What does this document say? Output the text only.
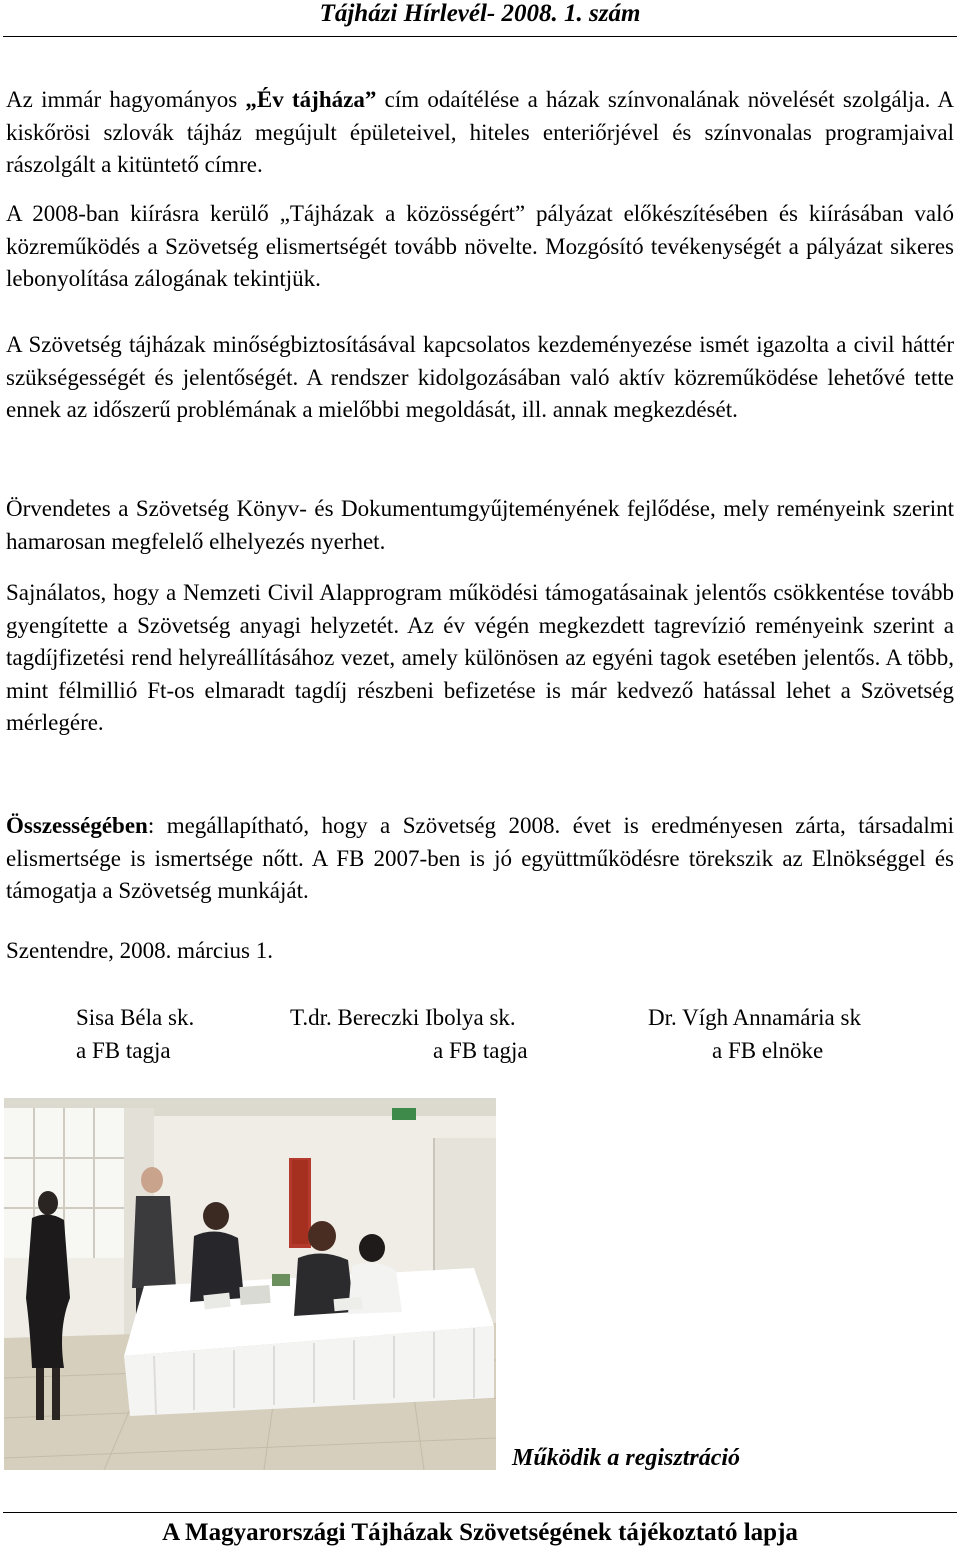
Tájházi Hírlevél- 2008. 1. szám
Az immár hagyományos „Év tájháza” cím odaítélése a házak színvonalának növelését szolgálja. A kiskőrösi szlovák tájház megújult épületeivel, hiteles enteriőrjével és színvonalas programjaival rászolgált a kitüntető címre.
A 2008-ban kiírásra kerülő „Tájházak a közösségért” pályázat előkészítésében és kiírásában való közreműködés a Szövetség elismertségét tovább növelte. Mozgósító tevékenységét a pályázat sikeres lebonyolítása zálogának tekintjük.
A Szövetség tájházak minőségbiztosításával kapcsolatos kezdeményezése ismét igazolta a civil háttér szükségességét és jelentőségét. A rendszer kidolgozásában való aktív közreműködése lehetővé tette ennek az időszerű problémának a mielőbbi megoldását, ill. annak megkezdését.
Örvendetes a Szövetség Könyv- és Dokumentumgyűjteményének fejlődése, mely reményeink szerint hamarosan megfelelő elhelyezés nyerhet.
Sajnálatos, hogy a Nemzeti Civil Alapprogram működési támogatásainak jelentős csökkentése tovább gyengítette a Szövetség anyagi helyzetét. Az év végén megkezdett tagrevízió reményeink szerint a tagdíjfizetési rend helyreállításához vezet, amely különösen az egyéni tagok esetében jelentős. A több, mint félmillió Ft-os elmaradt tagdíj részbeni befizetése is már kedvező hatással lehet a Szövetség mérlegére.
Összességében: megállapítható, hogy a Szövetség 2008. évet is eredményesen zárta, társadalmi elismertsége is ismertsége nőtt. A FB 2007-ben is jó együttműködésre törekszik az Elnökséggel és támogatja a Szövetség munkáját.
Szentendre, 2008. március 1.
Sisa Béla sk.
a FB tagja
T.dr. Bereczki Ibolya sk.
a FB tagja
Dr. Vígh Annamária sk
a FB elnöke
Működik a regisztráció
A Magyarországi Tájházak Szövetségének tájékoztató lapja
